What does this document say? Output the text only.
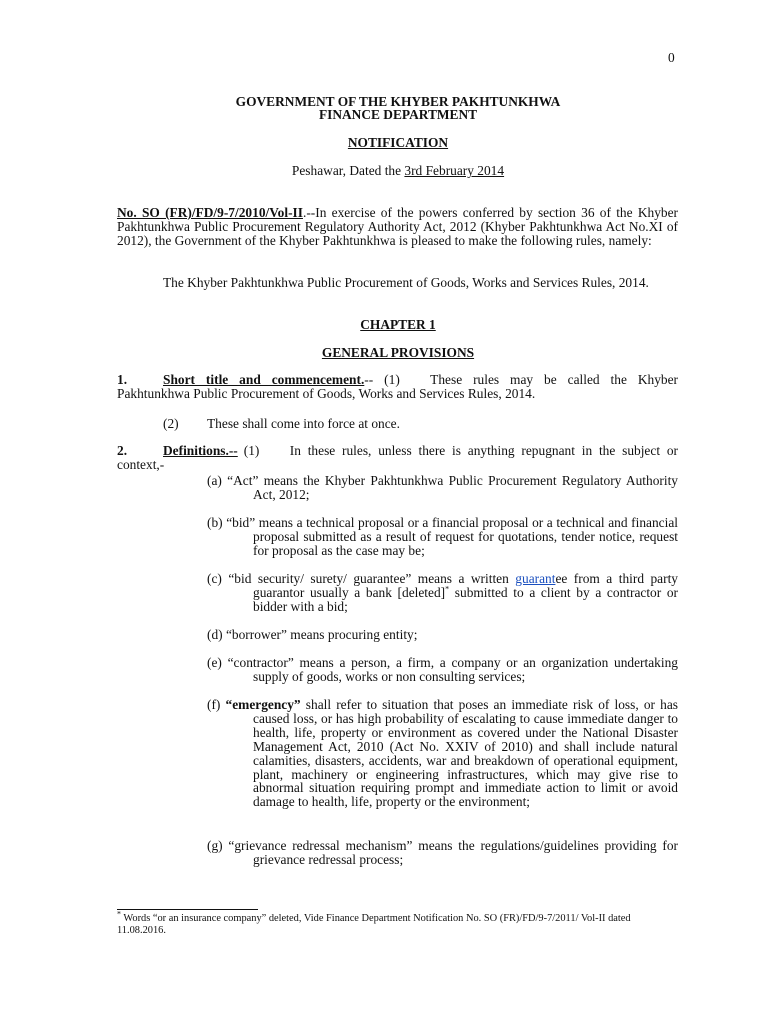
0
GOVERNMENT OF THE KHYBER PAKHTUNKHWA
FINANCE DEPARTMENT
NOTIFICATION
Peshawar, Dated the 3rd February 2014
No. SO (FR)/FD/9-7/2010/Vol-II.--In exercise of the powers conferred by section 36 of the Khyber Pakhtunkhwa Public Procurement Regulatory Authority Act, 2012 (Khyber Pakhtunkhwa Act No.XI of 2012), the Government of the Khyber Pakhtunkhwa is pleased to make the following rules, namely:
The Khyber Pakhtunkhwa Public Procurement of Goods, Works and Services Rules, 2014.
CHAPTER 1
GENERAL PROVISIONS
1.	Short title and commencement.-- (1) These rules may be called the Khyber Pakhtunkhwa Public Procurement of Goods, Works and Services Rules, 2014.
(2) These shall come into force at once.
2.	Definitions.-- (1) In these rules, unless there is anything repugnant in the subject or context,-
(a) “Act” means the Khyber Pakhtunkhwa Public Procurement Regulatory Authority Act, 2012;
(b) “bid” means a technical proposal or a financial proposal or a technical and financial proposal submitted as a result of request for quotations, tender notice, request for proposal as the case may be;
(c) “bid security/ surety/ guarantee” means a written guarantee from a third party guarantor usually a bank [deleted]* submitted to a client by a contractor or bidder with a bid;
(d) “borrower” means procuring entity;
(e) “contractor” means a person, a firm, a company or an organization undertaking supply of goods, works or non consulting services;
(f) “emergency” shall refer to situation that poses an immediate risk of loss, or has caused loss, or has high probability of escalating to cause immediate danger to health, life, property or environment as covered under the National Disaster Management Act, 2010 (Act No. XXIV of 2010) and shall include natural calamities, disasters, accidents, war and breakdown of operational equipment, plant, machinery or engineering infrastructures, which may give rise to abnormal situation requiring prompt and immediate action to limit or avoid damage to health, life, property or the environment;
(g) “grievance redressal mechanism” means the regulations/guidelines providing for grievance redressal process;
* Words “or an insurance company” deleted, Vide Finance Department Notification No. SO (FR)/FD/9-7/2011/ Vol-II dated 11.08.2016.
